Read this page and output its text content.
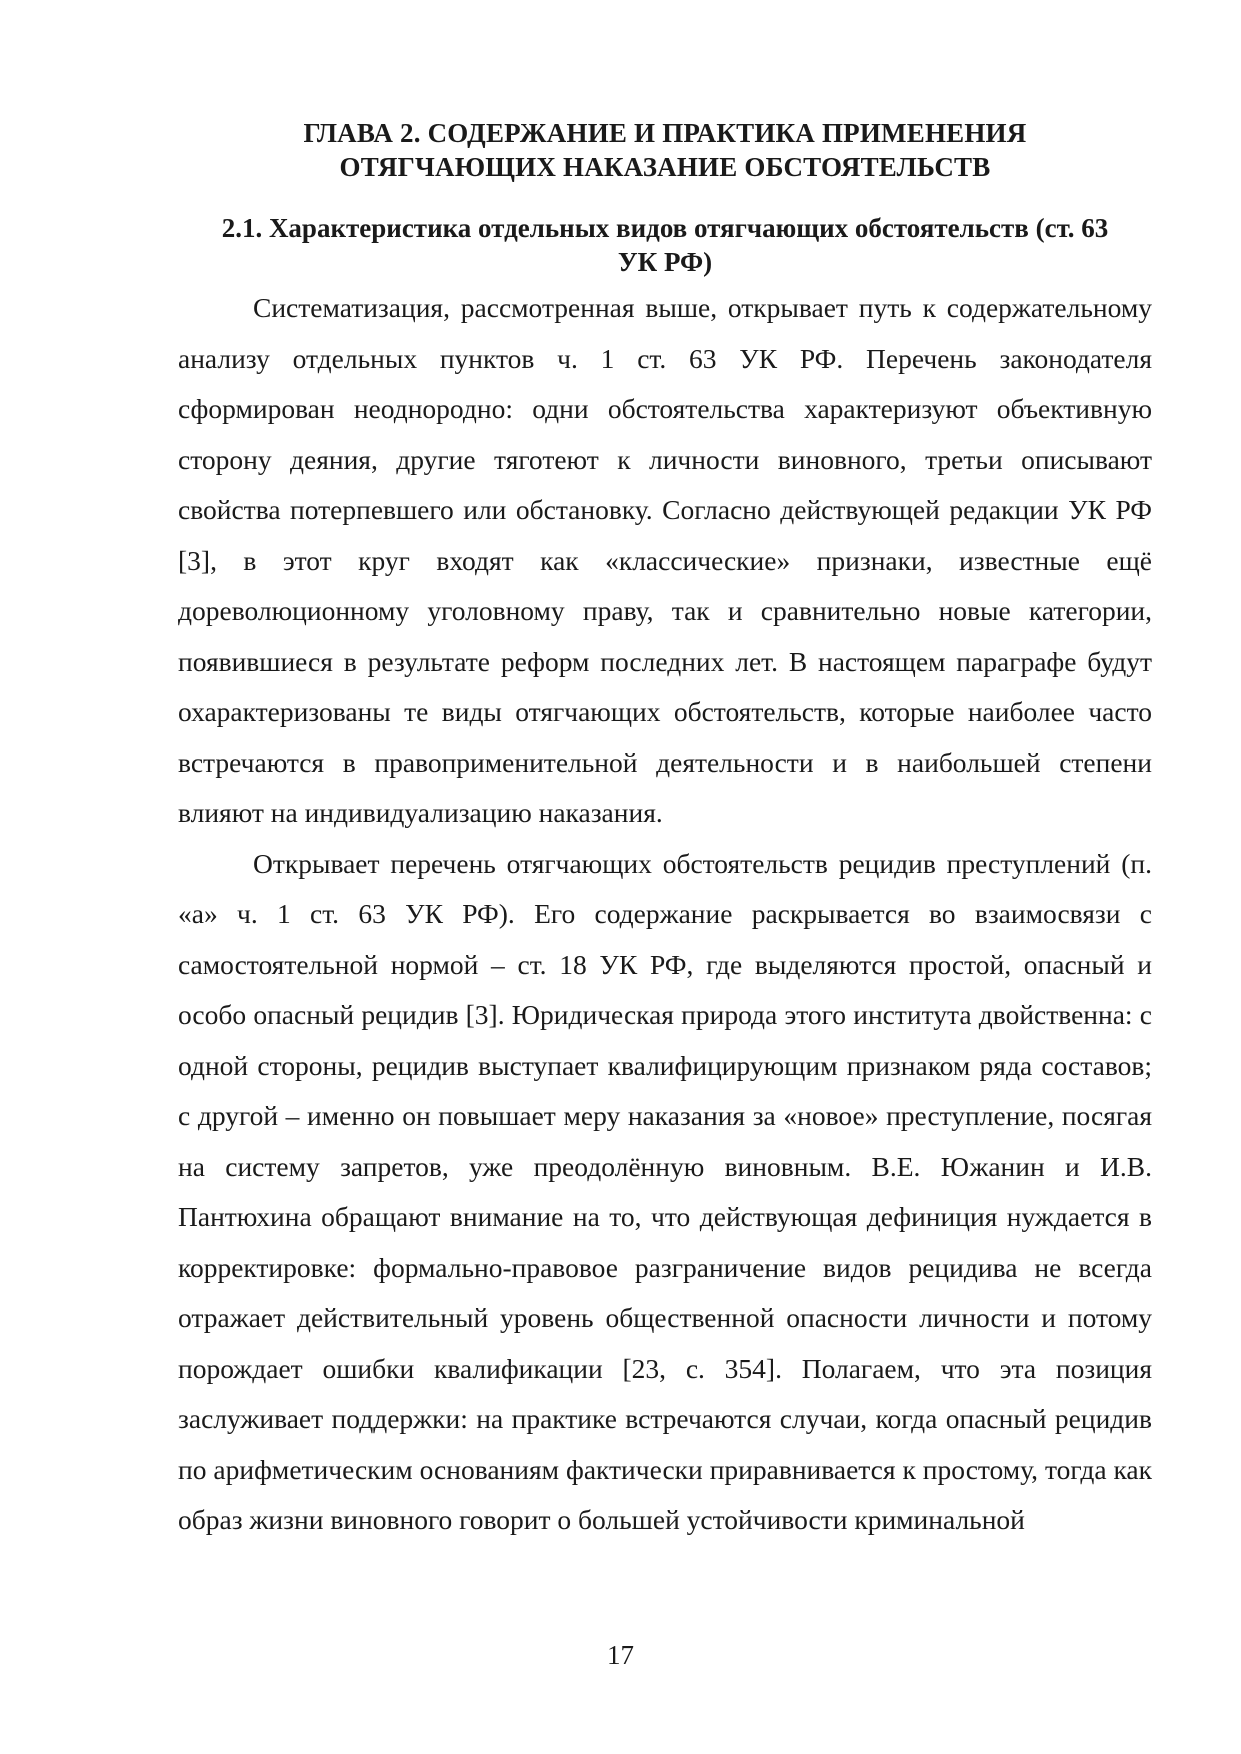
ГЛАВА 2. СОДЕРЖАНИЕ И ПРАКТИКА ПРИМЕНЕНИЯ
ОТЯГЧАЮЩИХ НАКАЗАНИЕ ОБСТОЯТЕЛЬСТВ
2.1. Характеристика отдельных видов отягчающих обстоятельств (ст. 63
УК РФ)

Систематизация, рассмотренная выше, открывает путь к содержательному анализу отдельных пунктов ч. 1 ст. 63 УК РФ. Перечень законодателя сформирован неоднородно: одни обстоятельства характеризуют объективную сторону деяния, другие тяготеют к личности виновного, третьи описывают свойства потерпевшего или обстановку. Согласно действующей редакции УК РФ [3], в этот круг входят как «классические» признаки, известные ещё дореволюционному уголовному праву, так и сравнительно новые категории, появившиеся в результате реформ последних лет. В настоящем параграфе будут охарактеризованы те виды отягчающих обстоятельств, которые наиболее часто встречаются в правоприменительной деятельности и в наибольшей степени влияют на индивидуализацию наказания.

Открывает перечень отягчающих обстоятельств рецидив преступлений (п. «а» ч. 1 ст. 63 УК РФ). Его содержание раскрывается во взаимосвязи с самостоятельной нормой – ст. 18 УК РФ, где выделяются простой, опасный и особо опасный рецидив [3]. Юридическая природа этого института двойственна: с одной стороны, рецидив выступает квалифицирующим признаком ряда составов; с другой – именно он повышает меру наказания за «новое» преступление, посягая на систему запретов, уже преодолённую виновным. В.Е. Южанин и И.В. Пантюхина обращают внимание на то, что действующая дефиниция нуждается в корректировке: формально-правовое разграничение видов рецидива не всегда отражает действительный уровень общественной опасности личности и потому порождает ошибки квалификации [23, с. 354]. Полагаем, что эта позиция заслуживает поддержки: на практике встречаются случаи, когда опасный рецидив по арифметическим основаниям фактически приравнивается к простому, тогда как образ жизни виновного говорит о большей устойчивости криминальной

17
